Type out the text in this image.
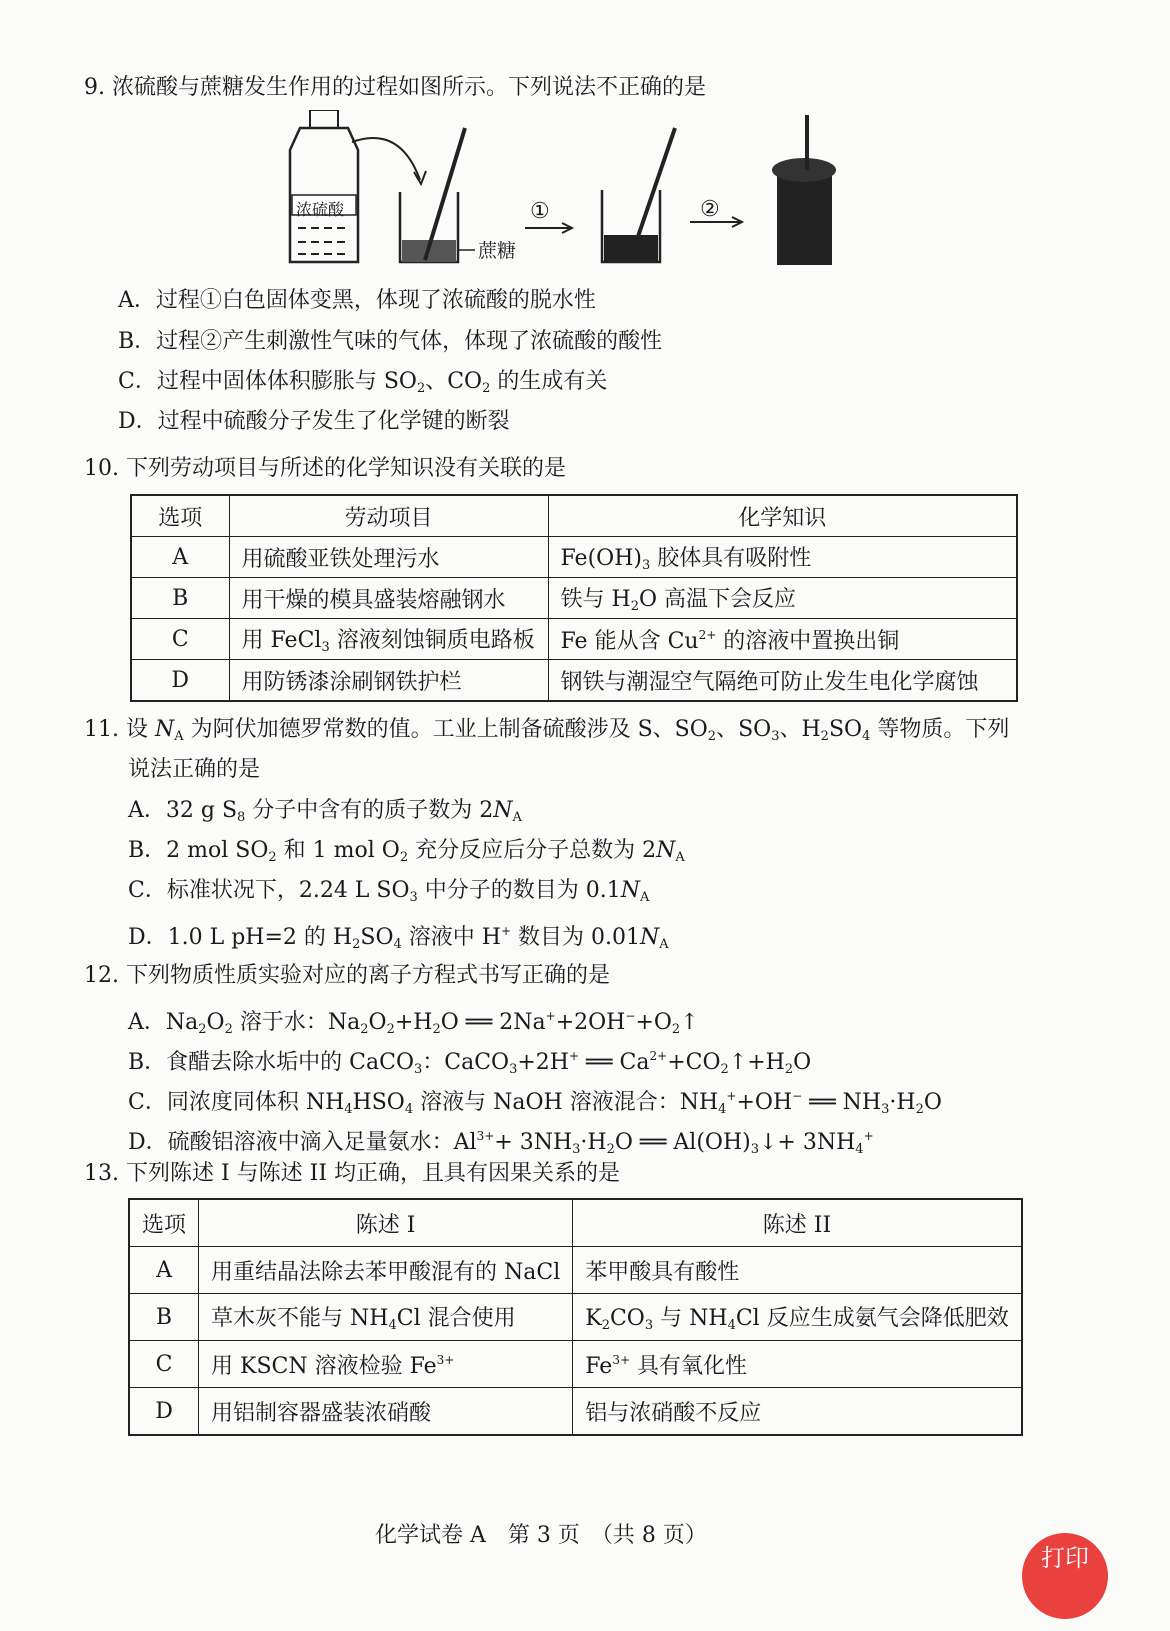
9. 浓硫酸与蔗糖发生作用的过程如图所示。下列说法不正确的是
浓硫酸
蔗糖
①	②
A．过程①白色固体变黑，体现了浓硫酸的脱水性
B．过程②产生刺激性气味的气体，体现了浓硫酸的酸性
C．过程中固体体积膨胀与 $SO_2$、$CO_2$ 的生成有关
D．过程中硫酸分子发生了化学键的断裂
10. 下列劳动项目与所述的化学知识没有关联的是
选项	劳动项目	化学知识
A	用硫酸亚铁处理污水	$Fe(OH)_3$ 胶体具有吸附性
B	用干燥的模具盛装熔融钢水	铁与 $H_2O$ 高温下会反应
C	用 FeCl$_3$ 溶液刻蚀铜质电路板	Fe 能从含 $Cu^{2+}$ 的溶液中置换出铜
D	用防锈漆涂刷钢铁护栏	钢铁与潮湿空气隔绝可防止发生电化学腐蚀
11. 设 $N_A$ 为阿伏加德罗常数的值。工业上制备硫酸涉及 S、$SO_2$、$SO_3$、$H_2SO_4$ 等物质。下列
说法正确的是
A．32 g $S_8$ 分子中含有的质子数为 $2N_A$
B．2 mol $SO_2$ 和 1 mol $O_2$ 充分反应后分子总数为 $2N_A$
C．标准状况下，2.24 L $SO_3$ 中分子的数目为 $0.1N_A$
D．1.0 L pH=2 的 $H_2SO_4$ 溶液中 H+ 数目为 $0.01N_A$
12. 下列物质性质实验对应的离子方程式书写正确的是
A．$Na_2O_2$ 溶于水：$Na_2O_2+H_2O$ ══ $2Na^++2OH^-+O_2↑$
B．食醋去除水垢中的 CaCO$_3$：CaCO$_3$+2H+ ══ $Ca^{2+}+CO_2↑+H_2O$
C．同浓度同体积 $NH_4HSO_4$ 溶液与 NaOH 溶液混合：$NH_4^++OH^-$ ══ $NH_3\cdot H_2O$
D．硫酸铝溶液中滴入足量氨水：$Al^{3+}+ 3NH_3\cdot H_2O$ ══ $Al(OH)_3↓+ 3NH_4^+$
13. 下列陈述 I 与陈述 II 均正确，且具有因果关系的是
选项	陈述 I	陈述 II
A	用重结晶法除去苯甲酸混有的 NaCl	苯甲酸具有酸性
B	草木灰不能与 $NH_4Cl$ 混合使用	$K_2CO_3$ 与 $NH_4Cl$ 反应生成氨气会降低肥效
C	用 KSCN 溶液检验 $Fe^{3+}$	$Fe^{3+}$ 具有氧化性
D	用铝制容器盛装浓硝酸	铝与浓硝酸不反应
化学试卷 A　第 3 页　（共 8 页）
打印
